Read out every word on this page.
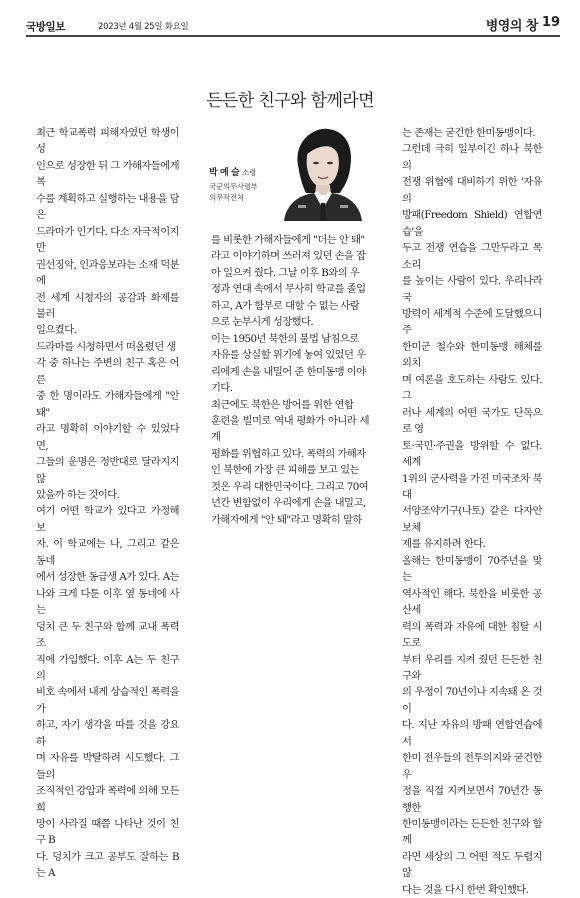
국방일보	2023년 4월 25일 화요일	병영의 창 19
든든한 친구와 함께라면

최근 학교폭력 피해자였던 학생이 성
인으로 성장한 뒤 그 가해자들에게 복
수를 계획하고 실행하는 내용을 담은
드라마가 인기다. 다소 자극적이지만
권선징악, 인과응보라는 소재 덕분에
전 세계 시청자의 공감과 화제를 불러
일으켰다.

드라마를 시청하면서 떠올렸던 생
각 중 하나는 주변의 친구 혹은 어른
중 한 명이라도 가해자들에게 "안 돼"
라고 명확히 이야기할 수 있었다면,
그들의 운명은 정반대로 달라지지 않
았을까 하는 것이다.

여기 어떤 학교가 있다고 가정해 보
자. 이 학교에는 나, 그리고 같은 동네
에서 성장한 동급생 A가 있다. A는
나와 크게 다툰 이후 옆 동네에 사는
덩치 큰 두 친구와 함께 교내 폭력조
직에 가입했다. 이후 A는 두 친구의
비호 속에서 내게 상습적인 폭력을 가
하고, 자기 생각을 따를 것을 강요하
며 자유를 박탈하려 시도했다. 그들의
조직적인 강압과 폭력에 의해 모든 희
망이 사라질 때쯤 나타난 것이 친구 B
다. 덩치가 크고 공부도 잘하는 B는 A

박 예 슬 소령
국군의무사령부
의무작전처

를 비롯한 가해자들에게 "더는 안 돼"
라고 이야기하며 쓰러져 있던 손을 잡
아 일으켜 줬다. 그날 이후 B와의 우
정과 연대 속에서 무사히 학교를 졸업
하고, A가 함부로 대할 수 없는 사람
으로 눈부시게 성장했다.

이는 1950년 북한의 불법 남침으로
자유를 상실할 위기에 놓여 있었던 우
리에게 손을 내밀어 준 한미동맹 이야
기다.

최근에도 북한은 방어를 위한 연합
훈련을 빌미로 역내 평화가 아니라 세계
평화를 위협하고 있다. 폭력의 가해자
인 북한에 가장 큰 피해를 보고 있는
것은 우리 대한민국이다. 그리고 70여
년간 변함없이 우리에게 손을 내밀고,
가해자에게 "안 돼"라고 명확히 말하

는 존재는 굳건한 한미동맹이다.

그런데 극히 일부이긴 하나 북한의
전쟁 위협에 대비하기 위한 '자유의
방패(Freedom Shield) 연합연습'을
두고 전쟁 연습을 그만두라고 목소리
를 높이는 사람이 있다. 우리나라 국
방력이 세계적 수준에 도달했으니 주
한미군 철수와 한미동맹 해체를 외치
며 여론을 호도하는 사람도 있다. 그
러나 세계의 어떤 국가도 단독으로 영
토·국민·주권을 방위할 수 없다. 세계
1위의 군사력을 가진 미국조차 북대
서양조약기구(나토) 같은 다자안보체
제를 유지하려 한다.

올해는 한미동맹이 70주년을 맞는
역사적인 해다. 북한을 비롯한 공산세
력의 폭력과 자유에 대한 침탈 시도로
부터 우리를 지켜 줬던 든든한 친구와
의 우정이 70년이나 지속돼 온 것이
다. 지난 자유의 방패 연합연습에서
한미 전우들의 전투의지와 굳건한 우
정을 직접 지켜보면서 70년간 동행한
한미동맹이라는 든든한 친구와 함께
라면 세상의 그 어떤 적도 두렵지 않
다는 것을 다시 한번 확인했다.
